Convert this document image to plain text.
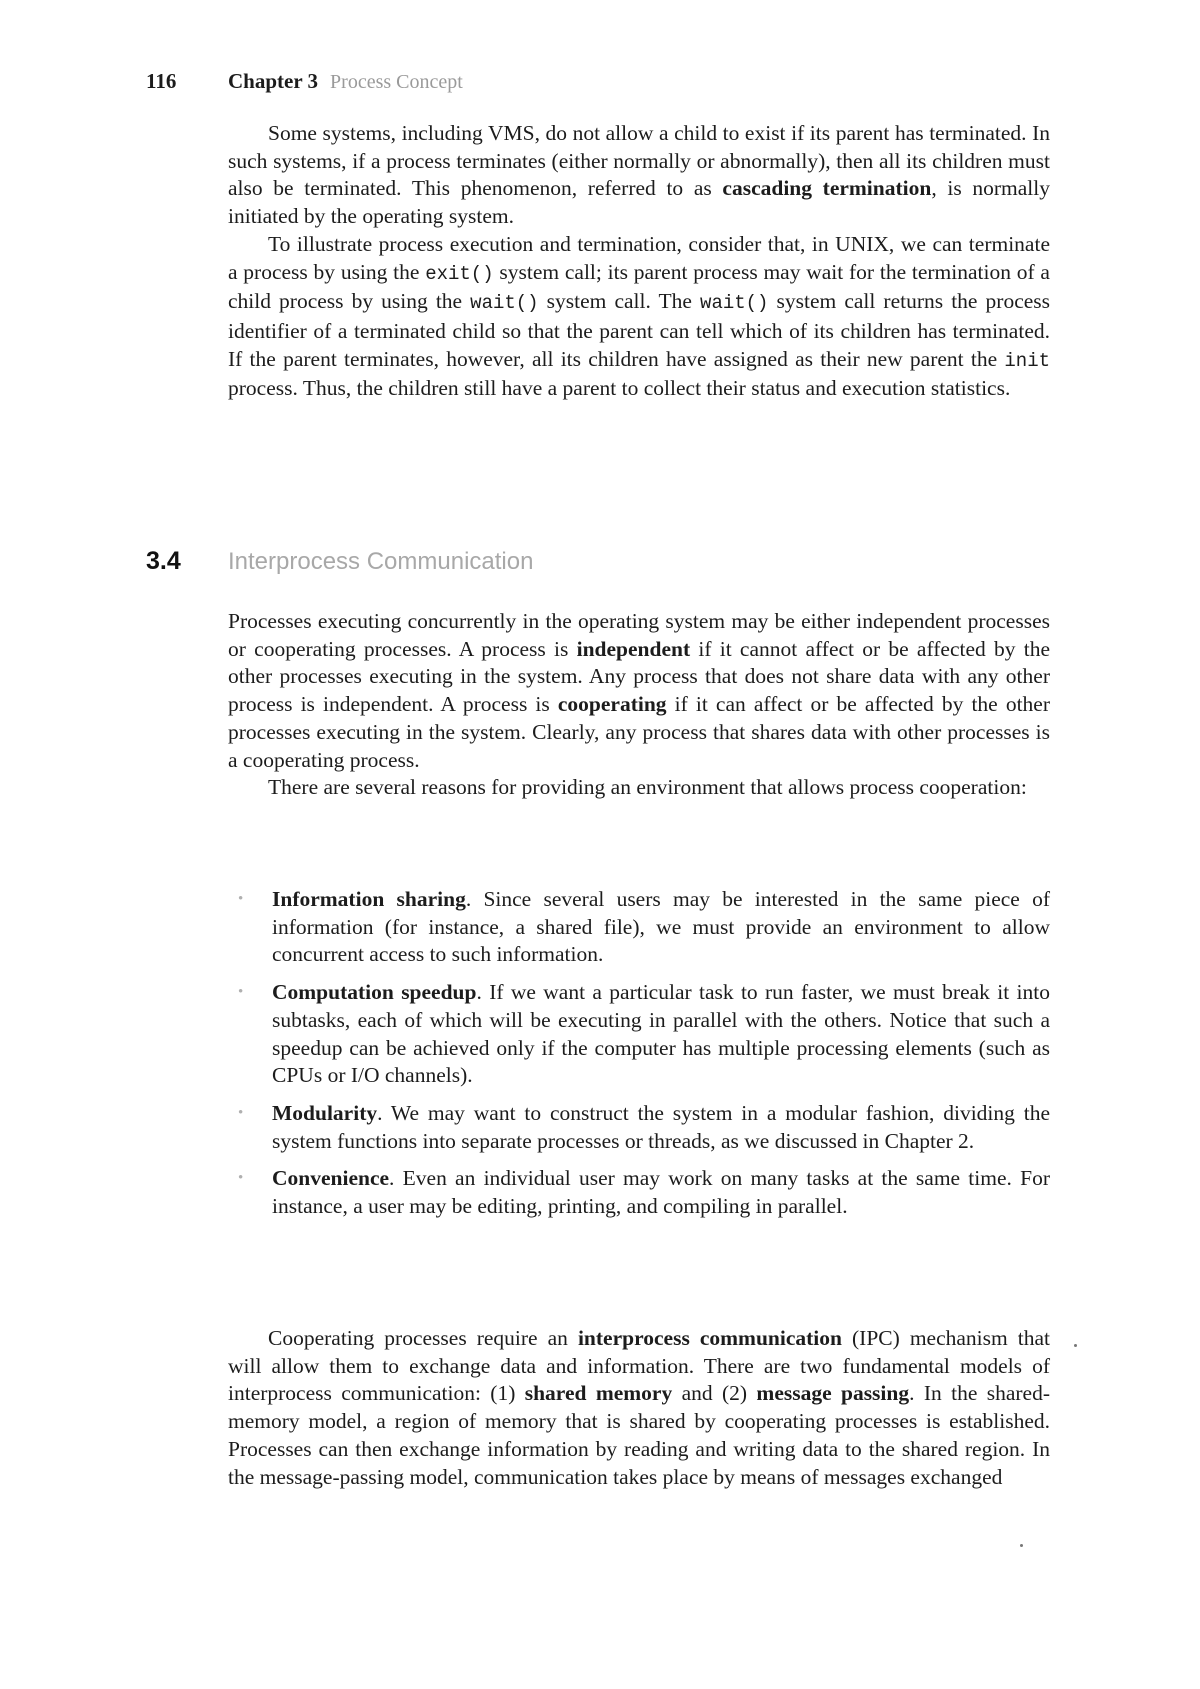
116 Chapter 3 Process Concept

Some systems, including VMS, do not allow a child to exist if its parent has terminated. In such systems, if a process terminates (either normally or abnormally), then all its children must also be terminated. This phenomenon, referred to as cascading termination, is normally initiated by the operating system.

To illustrate process execution and termination, consider that, in UNIX, we can terminate a process by using the exit() system call; its parent process may wait for the termination of a child process by using the wait() system call. The wait() system call returns the process identifier of a terminated child so that the parent can tell which of its children has terminated. If the parent terminates, however, all its children have assigned as their new parent the init process. Thus, the children still have a parent to collect their status and execution statistics.

3.4 Interprocess Communication

Processes executing concurrently in the operating system may be either independent processes or cooperating processes. A process is independent if it cannot affect or be affected by the other processes executing in the system. Any process that does not share data with any other process is independent. A process is cooperating if it can affect or be affected by the other processes executing in the system. Clearly, any process that shares data with other processes is a cooperating process.

There are several reasons for providing an environment that allows process cooperation:

• Information sharing. Since several users may be interested in the same piece of information (for instance, a shared file), we must provide an environment to allow concurrent access to such information.

• Computation speedup. If we want a particular task to run faster, we must break it into subtasks, each of which will be executing in parallel with the others. Notice that such a speedup can be achieved only if the computer has multiple processing elements (such as CPUs or I/O channels).

• Modularity. We may want to construct the system in a modular fashion, dividing the system functions into separate processes or threads, as we discussed in Chapter 2.

• Convenience. Even an individual user may work on many tasks at the same time. For instance, a user may be editing, printing, and compiling in parallel.

Cooperating processes require an interprocess communication (IPC) mechanism that will allow them to exchange data and information. There are two fundamental models of interprocess communication: (1) shared memory and (2) message passing. In the shared-memory model, a region of memory that is shared by cooperating processes is established. Processes can then exchange information by reading and writing data to the shared region. In the message-passing model, communication takes place by means of messages exchanged
